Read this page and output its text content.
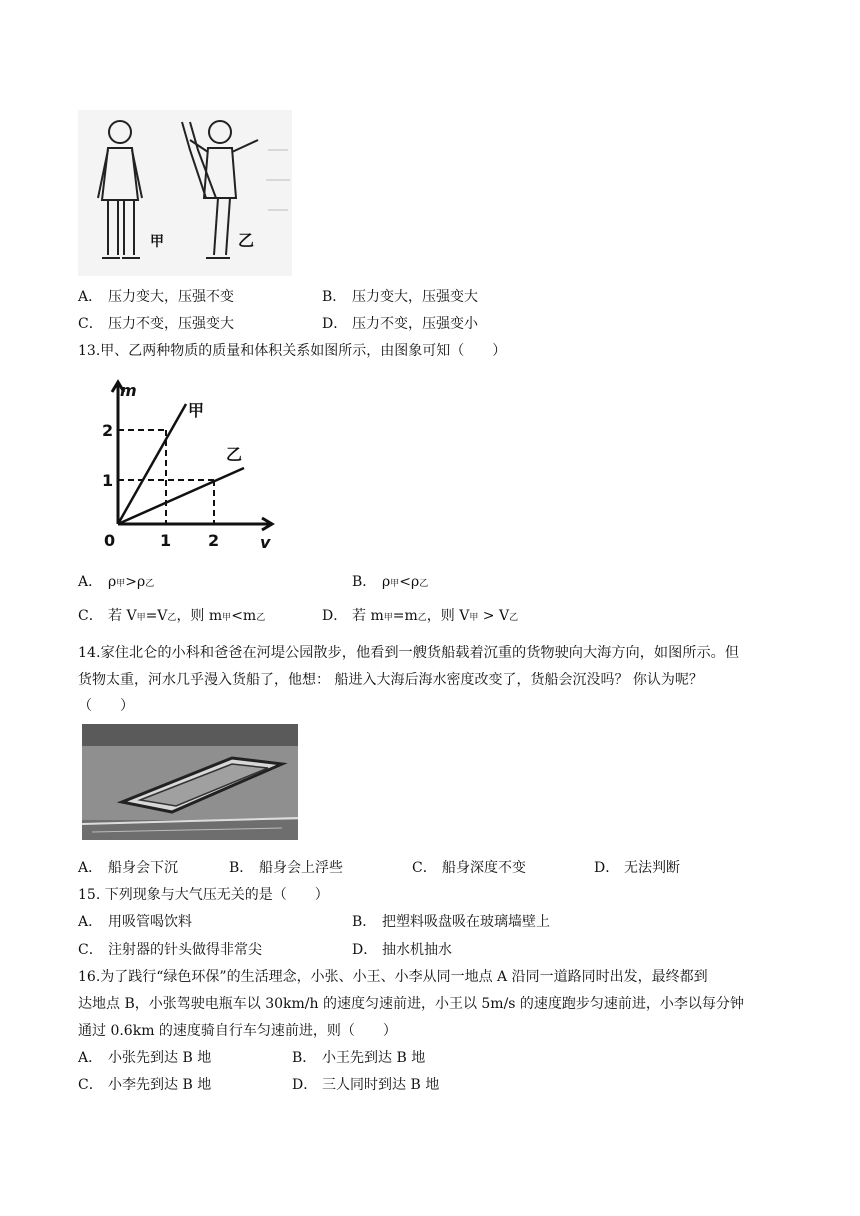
甲	乙
A． 压力变大，压强不变	B． 压力变大，压强变大
C． 压力不变，压强变大	D． 压力不变，压强变小
13.甲、乙两种物质的质量和体积关系如图所示，由图象可知（　　）
m
v
0	1 2
1
2
甲
乙
A． ρ甲>ρ乙	B． ρ甲<ρ乙
C． 若 V甲=V乙，则 m甲<m乙	D． 若 m甲=m乙，则 V甲 > V乙
14.家住北仑的小科和爸爸在河堤公园散步，他看到一艘货船载着沉重的货物驶向大海方向，如图所示。但
货物太重，河水几乎漫入货船了，他想： 船进入大海后海水密度改变了，货船会沉没吗？ 你认为呢？
（　　）
A． 船身会下沉	B． 船身会上浮些	C． 船身深度不变	D． 无法判断
15. 下列现象与大气压无关的是（　　）
A． 用吸管喝饮料	B． 把塑料吸盘吸在玻璃墙壁上
C． 注射器的针头做得非常尖	D． 抽水机抽水
16.为了践行“绿色环保”的生活理念，小张、小王、小李从同一地点 A 沿同一道路同时出发，最终都到
达地点 B，小张驾驶电瓶车以 30km/h 的速度匀速前进，小王以 5m/s 的速度跑步匀速前进，小李以每分钟
通过 0.6km 的速度骑自行车匀速前进，则（　　）
A． 小张先到达 B 地	B． 小王先到达 B 地
C． 小李先到达 B 地	D． 三人同时到达 B 地
